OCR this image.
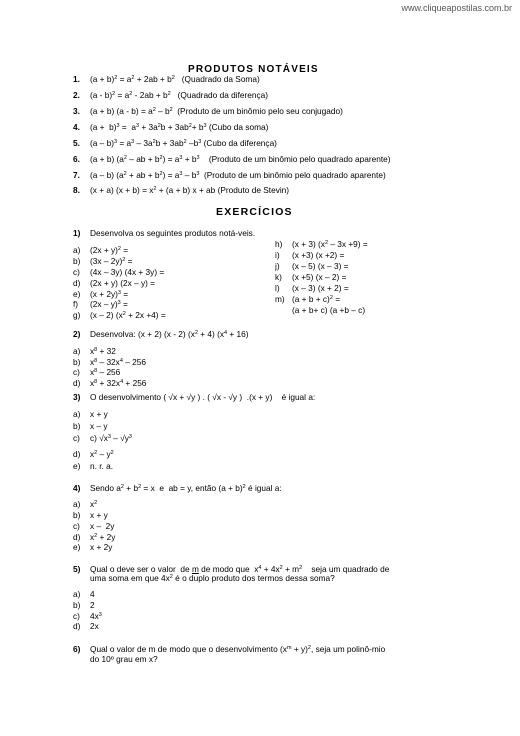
www.cliqueapostilas.com.br
PRODUTOS NOTÁVEIS
1. $(a + b)^2 = a^2 + 2ab + b^2$   (Quadrado da Soma)
2. $(a - b)^2 = a^2 - 2ab + b^2$   (Quadrado da diferença)
3. (a + b) $(a - b) = a^2 - b^2$  (Produto de um binômio pelo seu conjugado)
4. $(a + b)^3 = a^3 + 3a^2b + 3ab^2+ b^3$ (Cubo da soma)
5. $(a - b)^3 = a^3 - 3a^2b + 3ab^2$ $-b^3$ (Cubo da diferença)
6. (a + b) ($a^2$ – ab + $b^2) = a^3 + b^3$    (Produto de um binômio pelo quadrado aparente)
7. (a – b) ($a^2$ + ab + $b^2) = a^3 - b^3$  (Produto de um binômio pelo quadrado aparente)
8. (x + a) $(x + b) = x^2 + (a + b) x$ + ab (Produto de Stevin)
EXERCÍCIOS
1) Desenvolva os seguintes produtos notá-veis.
a) $(2x + y)^2$ =
b) (3x – 2y)$^2$ =
c) (4x – 3y) (4x + 3y) =
d) (2x + y) (2x – y) =
e) $(x + 2y)^3$ =
f) (2x – y)$^3$ =
g) (x – 2) $(x^2 + 2x +4)$ =
h) (x + 3) $(x^2 - 3x +9)$ =
i) (x +3) (x +2) =
j) (x – 5) (x – 3) =
k) (x +5) (x – 2) =
l) (x – 3) (x + 2) =
m) $(a + b + c)^2$ =
(a + b+ c) (a +b – c)
2) Desenvolva: (x + 2) (x - 2) $(x^2 + 4) (x^4 + 16)$
a) $x^8 + 32$
b) $x^8 - 32x^4 - 256$
c) $x^8 - 256$
d) $x^8 + 32x^4 + 256$
3) O desenvolvimento ( √x + √y ) . ( √x - √y )  .(x + y)    é igual a:
a) x + y
b) x – y
c) c) $√x^3 - √y^3$
d) $x^2 - y^2$
e) n. r. a.
4) Sendo $a^2 + b^2 = x$  e  ab = y, então $(a + b)^2$ é igual a:
a) $x^2$
b) x + y
c) x –  2y
d) $x^2 + 2y$
e) x + 2y
5) Qual o deve ser o valor  de m de modo que  $x^4 + 4x^2 + m^2$    seja um quadrado de
uma soma em que $4x^2$ é o duplo produto dos termos dessa soma?
a) 4
b) 2
c) $4x^3$
d) 2x
6) Qual o valor de m de modo que o desenvolvimento $(x^m + y)^2$, seja um polinô-mio
do 10º grau em x?
